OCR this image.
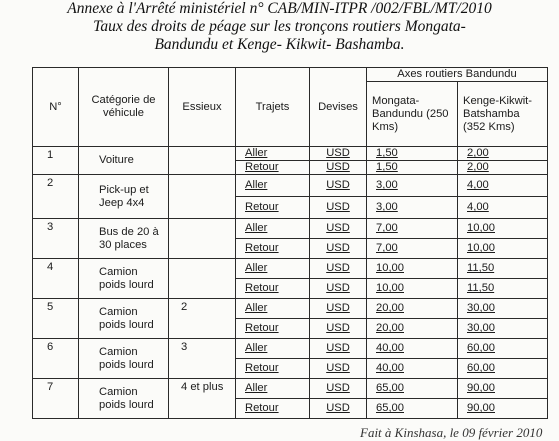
Annexe à l'Arrêté ministériel n° CAB/MIN-ITPR /002/FBL/MT/2010
Taux des droits de péage sur les tronçons routiers Mongata-
Bandundu et Kenge- Kikwit- Bashamba.
N°	Catégorie de véhicule	Essieux	Trajets	Devises	Axes routiers Bandundu	
					Mongata-Bandundu (250 Kms)	Kenge-Kikwit-Batshamba (352 Kms)
1	Voiture		Aller	USD	1,50	2,00
			Retour	USD	1,50	2,00
2	Pick-up et Jeep 4x4		Aller	USD	3,00	4,00
			Retour	USD	3,00	4,00
3	Bus de 20 à 30 places		Aller	USD	7,00	10,00
			Retour	USD	7,00	10,00
4	Camion poids lourd		Aller	USD	10,00	11,50
			Retour	USD	10,00	11,50
5	Camion poids lourd	2	Aller	USD	20,00	30,00
			Retour	USD	20,00	30,00
6	Camion poids lourd	3	Aller	USD	40,00	60,00
			Retour	USD	40,00	60,00
7	Camion poids lourd	4 et plus	Aller	USD	65,00	90,00
			Retour	USD	65,00	90,00
Fait à Kinshasa, le 09 février 2010
